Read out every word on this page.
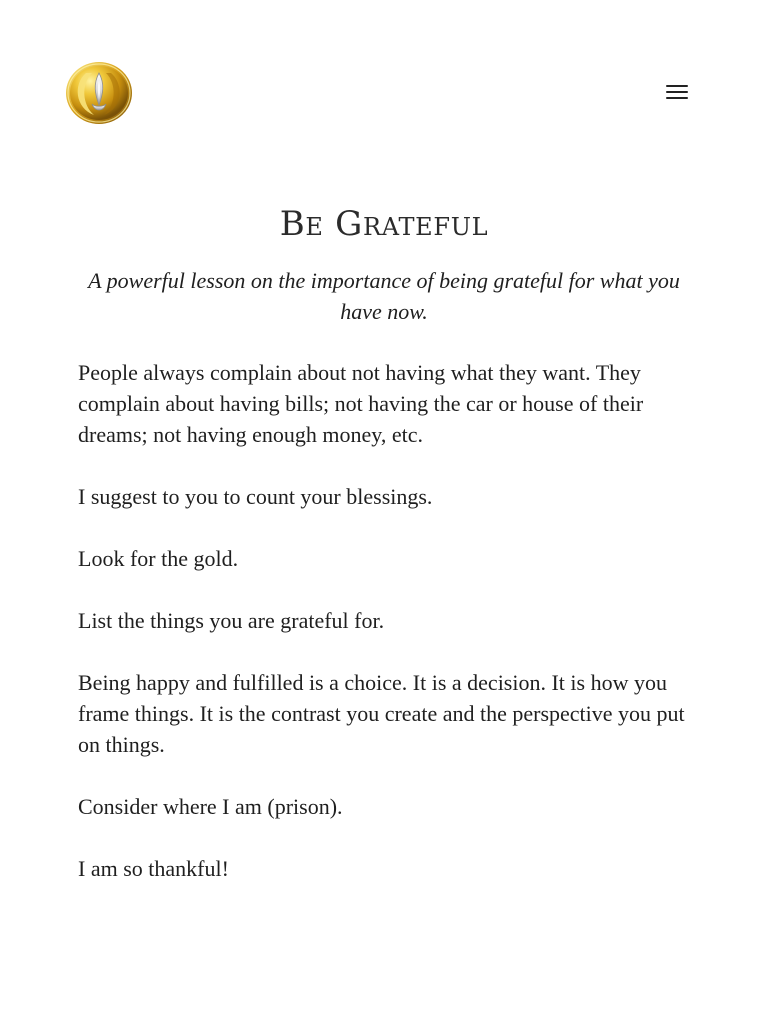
Be Grateful

A powerful lesson on the importance of being grateful for what you have now.

People always complain about not having what they want. They complain about having bills; not having the car or house of their dreams; not having enough money, etc.

I suggest to you to count your blessings.

Look for the gold.

List the things you are grateful for.

Being happy and fulfilled is a choice. It is a decision. It is how you frame things. It is the contrast you create and the perspective you put on things.

Consider where I am (prison).

I am so thankful!
